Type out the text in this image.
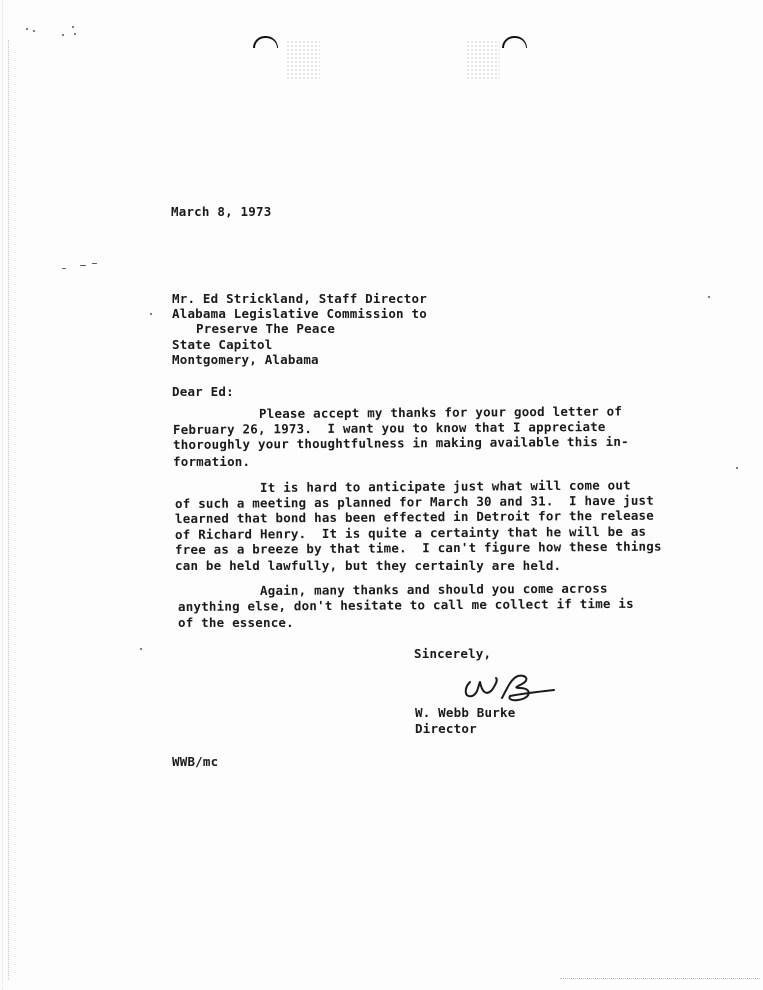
March 8, 1973
Mr. Ed Strickland, Staff Director
Alabama Legislative Commission to
Preserve The Peace
State Capitol
Montgomery, Alabama
Dear Ed:
Please accept my thanks for your good letter of
February 26, 1973.  I want you to know that I appreciate
thoroughly your thoughtfulness in making available this in-
formation.
It is hard to anticipate just what will come out
of such a meeting as planned for March 30 and 31.  I have just
learned that bond has been effected in Detroit for the release
of Richard Henry.  It is quite a certainty that he will be as
free as a breeze by that time.  I can't figure how these things
can be held lawfully, but they certainly are held.
Again, many thanks and should you come across
anything else, don't hesitate to call me collect if time is
of the essence.
Sincerely,
W. Webb Burke
Director
WWB/mc
